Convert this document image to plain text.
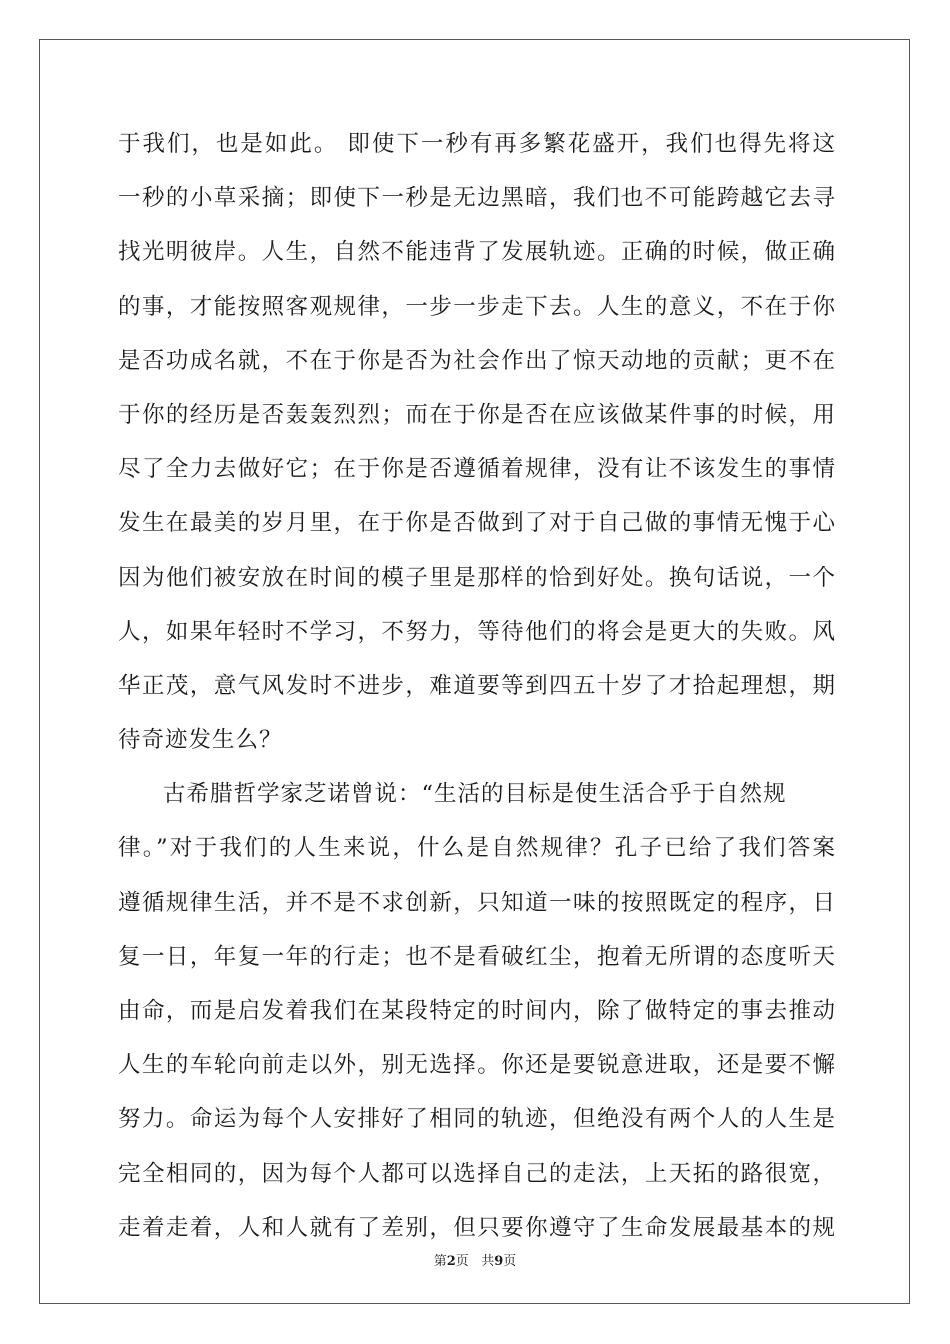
于我们，也是如此。 即使下一秒有再多繁花盛开，我们也得先将这
一秒的小草采摘；即使下一秒是无边黑暗，我们也不可能跨越它去寻
找光明彼岸。人生，自然不能违背了发展轨迹。正确的时候，做正确
的事，才能按照客观规律，一步一步走下去。人生的意义，不在于你
是否功成名就，不在于你是否为社会作出了惊天动地的贡献；更不在
于你的经历是否轰轰烈烈；而在于你是否在应该做某件事的时候，用
尽了全力去做好它；在于你是否遵循着规律，没有让不该发生的事情
发生在最美的岁月里，在于你是否做到了对于自己做的事情无愧于心
因为他们被安放在时间的模子里是那样的恰到好处。换句话说，一个
人，如果年轻时不学习，不努力，等待他们的将会是更大的失败。风
华正茂，意气风发时不进步，难道要等到四五十岁了才拾起理想，期
待奇迹发生么？
古希腊哲学家芝诺曾说：“生活的目标是使生活合乎于自然规
律。”对于我们的人生来说，什么是自然规律？孔子已给了我们答案
遵循规律生活，并不是不求创新，只知道一味的按照既定的程序，日
复一日，年复一年的行走；也不是看破红尘，抱着无所谓的态度听天
由命，而是启发着我们在某段特定的时间内，除了做特定的事去推动
人生的车轮向前走以外，别无选择。你还是要锐意进取，还是要不懈
努力。命运为每个人安排好了相同的轨迹，但绝没有两个人的人生是
完全相同的，因为每个人都可以选择自己的走法，上天拓的路很宽，
走着走着，人和人就有了差别，但只要你遵守了生命发展最基本的规
第2页 共9页
